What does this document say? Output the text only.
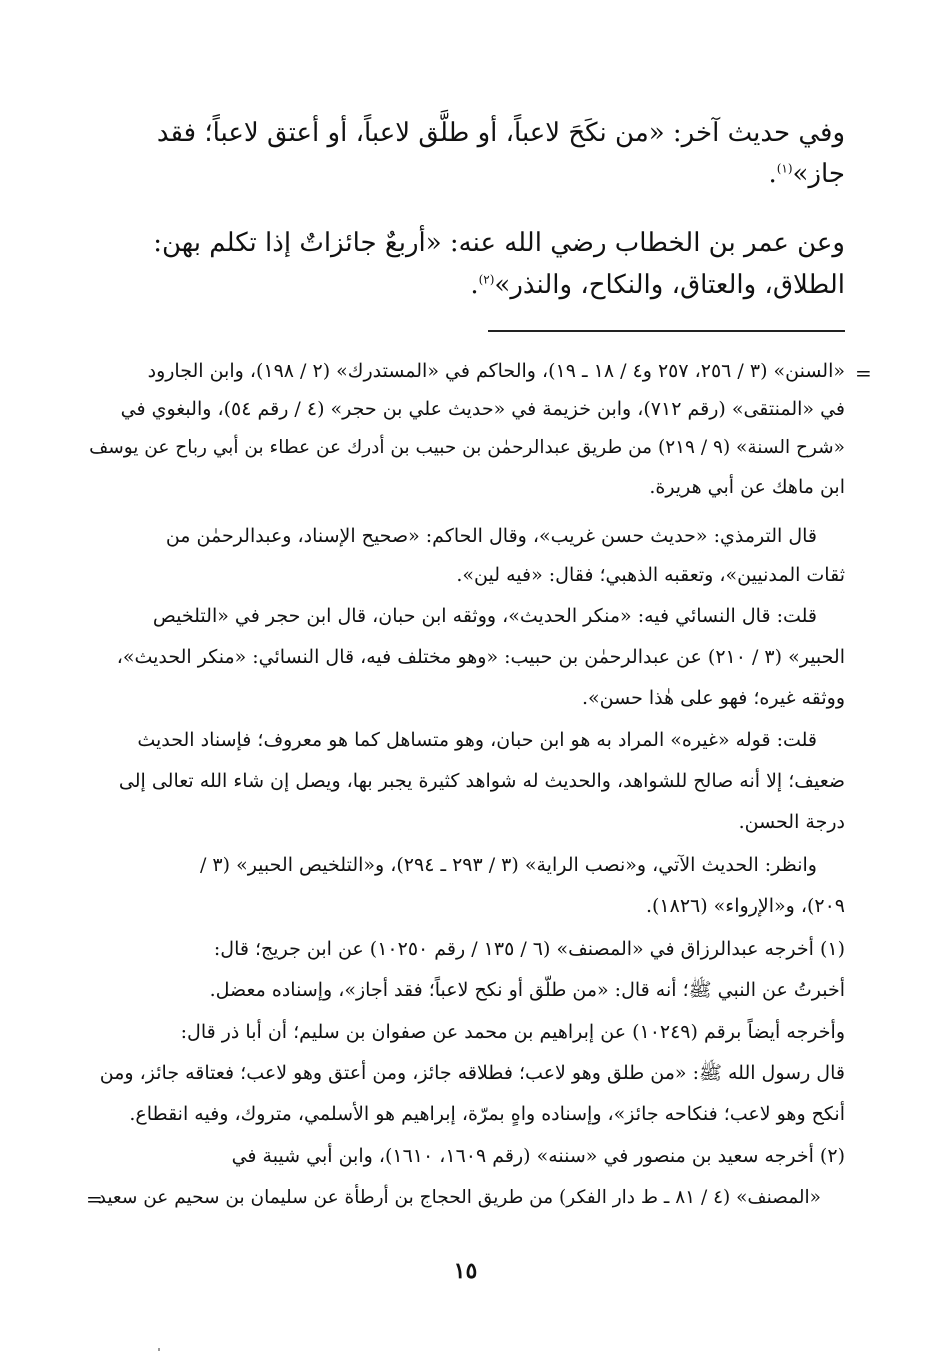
وفي حديث آخر: «من نكَحَ لاعباً، أو طلَّق لاعباً، أو أعتق لاعباً؛ فقد
جاز»$^{(١)}$.
وعن عمر بن الخطاب رضي الله عنه: «أربعٌ جائزاتٌ إذا تكلم بهن:
الطلاق، والعتاق، والنكاح، والنذر»$^{(٢)}$.
=
«السنن» (٣ / ٢٥٦، ٢٥٧ و٤ / ١٨ ـ ١٩)، والحاكم في «المستدرك» (٢ / ١٩٨)، وابن الجارود
في «المنتقى» (رقم ٧١٢)، وابن خزيمة في «حديث علي بن حجر» (٤ / رقم ٥٤)، والبغوي في
«شرح السنة» (٩ / ٢١٩) من طريق عبدالرحمٰن بن حبيب بن أدرك عن عطاء بن أبي رباح عن يوسف
ابن ماهك عن أبي هريرة.
قال الترمذي: «حديث حسن غريب»، وقال الحاكم: «صحيح الإسناد، وعبدالرحمٰن من
ثقات المدنيين»، وتعقبه الذهبي؛ فقال: «فيه لين».
قلت: قال النسائي فيه: «منكر الحديث»، ووثقه ابن حبان، قال ابن حجر في «التلخيص
الحبير» (٣ / ٢١٠) عن عبدالرحمٰن بن حبيب: «وهو مختلف فيه، قال النسائي: «منكر الحديث»،
ووثقه غيره؛ فهو على هٰذا حسن».
قلت: قوله «غيره» المراد به هو ابن حبان، وهو متساهل كما هو معروف؛ فإسناد الحديث
ضعيف؛ إلا أنه صالح للشواهد، والحديث له شواهد كثيرة يجبر بها، ويصل إن شاء الله تعالى إلى
درجة الحسن.
وانظر: الحديث الآتي، و«نصب الراية» (٣ / ٢٩٣ ـ ٢٩٤)، و«التلخيص الحبير» (٣ /
٢٠٩)، و«الإرواء» (١٨٢٦).
(١) أخرجه عبدالرزاق في «المصنف» (٦ / ١٣٥ / رقم ١٠٢٥٠) عن ابن جريج؛ قال:
أخبرتُ عن النبي ﷺ؛ أنه قال: «من طلّق أو نكح لاعباً؛ فقد أجاز»، وإسناده معضل.
وأخرجه أيضاً برقم (١٠٢٤٩) عن إبراهيم بن محمد عن صفوان بن سليم؛ أن أبا ذر قال:
قال رسول الله ﷺ: «من طلق وهو لاعب؛ فطلاقه جائز، ومن أعتق وهو لاعب؛ فعتاقه جائز، ومن
أنكح وهو لاعب؛ فنكاحه جائز»، وإسناده واهٍ بمرّة، إبراهيم هو الأسلمي، متروك، وفيه انقطاع.
(٢) أخرجه سعيد بن منصور في «سننه» (رقم ١٦٠٩، ١٦١٠)، وابن أبي شيبة في
«المصنف» (٤ / ٨١ ـ ط دار الفكر) من طريق الحجاج بن أرطأة عن سليمان بن سحيم عن سعيد
=
١٥
